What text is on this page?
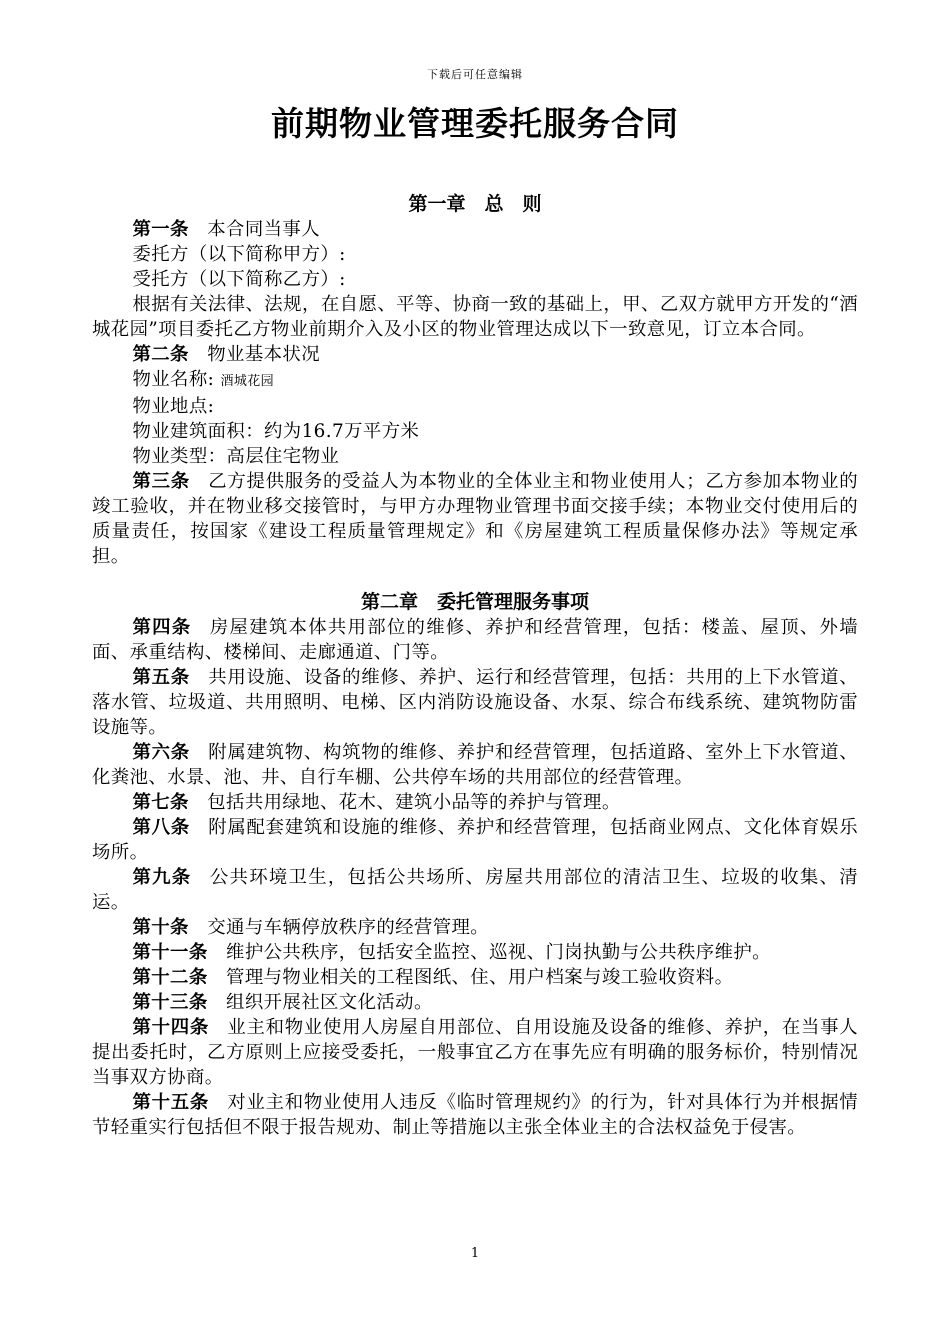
下载后可任意编辑
前期物业管理委托服务合同
第一章　总　则

第一条 本合同当事人

委托方（以下简称甲方）:

受托方（以下简称乙方）:

根据有关法律、法规，在自愿、平等、协商一致的基础上，甲、乙双方就甲方开发的“酒城花园”项目委托乙方物业前期介入及小区的物业管理达成以下一致意见，订立本合同。

第二条 物业基本状况

物业名称: 酒城花园

物业地点:

物业建筑面积：约为16.7万平方米

物业类型：高层住宅物业

第三条 乙方提供服务的受益人为本物业的全体业主和物业使用人；乙方参加本物业的竣工验收，并在物业移交接管时，与甲方办理物业管理书面交接手续；本物业交付使用后的质量责任，按国家《建设工程质量管理规定》和《房屋建筑工程质量保修办法》等规定承担。

第二章　委托管理服务事项

第四条 房屋建筑本体共用部位的维修、养护和经营管理，包括：楼盖、屋顶、外墙面、承重结构、楼梯间、走廊通道、门等。

第五条 共用设施、设备的维修、养护、运行和经营管理，包括：共用的上下水管道、落水管、垃圾道、共用照明、电梯、区内消防设施设备、水泵、综合布线系统、建筑物防雷设施等。

第六条 附属建筑物、构筑物的维修、养护和经营管理，包括道路、室外上下水管道、化粪池、水景、池、井、自行车棚、公共停车场的共用部位的经营管理。

第七条 包括共用绿地、花木、建筑小品等的养护与管理。

第八条 附属配套建筑和设施的维修、养护和经营管理，包括商业网点、文化体育娱乐场所。

第九条 公共环境卫生，包括公共场所、房屋共用部位的清洁卫生、垃圾的收集、清运。

第十条 交通与车辆停放秩序的经营管理。

第十一条 维护公共秩序，包括安全监控、巡视、门岗执勤与公共秩序维护。

第十二条 管理与物业相关的工程图纸、住、用户档案与竣工验收资料。

第十三条 组织开展社区文化活动。

第十四条 业主和物业使用人房屋自用部位、自用设施及设备的维修、养护，在当事人提出委托时，乙方原则上应接受委托，一般事宜乙方在事先应有明确的服务标价，特别情况当事双方协商。

第十五条 对业主和物业使用人违反《临时管理规约》的行为，针对具体行为并根据情节轻重实行包括但不限于报告规劝、制止等措施以主张全体业主的合法权益免于侵害。

1
